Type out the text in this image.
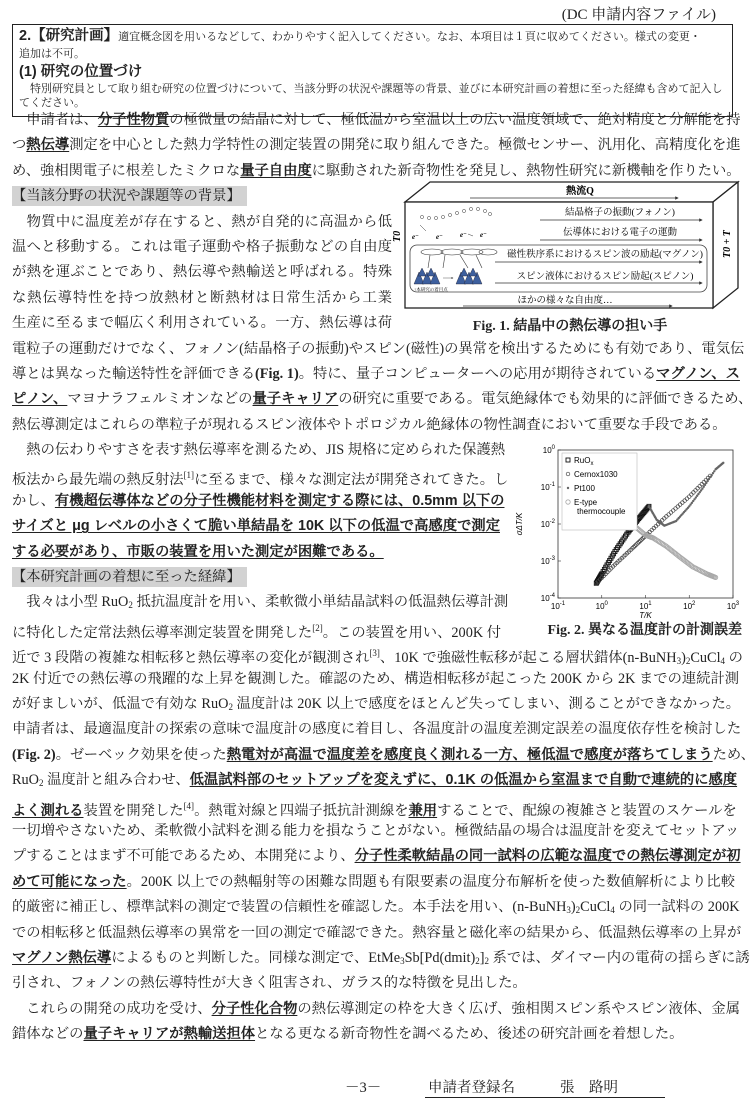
(DC 申請内容ファイル)
2.【研究計画】適宜概念図を用いるなどして、わかりやすく記入してください。なお、本項目は１頁に収めてください。様式の変更・
追加は不可。
(1) 研究の位置づけ
特別研究員として取り組む研究の位置づけについて、当該分野の状況や課題等の背景、並びに本研究計画の着想に至った経緯も含めて記入してください。
　申請者は、分子性物質の極微量の結晶に対して、極低温から室温以上の広い温度領域で、絶対精度と分解能を持
つ熱伝導測定を中心とした熱力学特性の測定装置の開発に取り組んできた。極微センサー、汎用化、高精度化を進
め、強相関電子に根差したミクロな量子自由度に駆動された新奇物性を発見し、熱物性研究に新機軸を作りたい。
【当該分野の状況や課題等の背景】
　物質中に温度差が存在すると、熱が自発的に高温から低
温へと移動する。これは電子運動や格子振動などの自由度
が熱を運ぶことであり、熱伝導や熱輸送と呼ばれる。特殊
な熱伝導特性を持つ放熱材と断熱材は日常生活から工業
生産に至るまで幅広く利用されている。一方、熱伝導は荷
電粒子の運動だけでなく、フォノン(結晶格子の振動)やスピン(磁性)の異常を検出するためにも有効であり、電気伝
導とは異なった輸送特性を評価できる(Fig. 1)。特に、量子コンピューターへの応用が期待されているマグノン、ス
ピノン、マヨナラフェルミオンなどの量子キャリアの研究に重要である。電気絶縁体でも効果的に評価できるため、
熱伝導測定はこれらの準粒子が現れるスピン液体やトポロジカル絶縁体の物性調査において重要な手段である。
　熱の伝わりやすさを表す熱伝導率を測るため、JIS 規格に定められた保護熱
板法から最先端の熱反射法[1]に至るまで、様々な測定法が開発されてきた。し
かし、有機超伝導体などの分子性機能材料を測定する際には、0.5mm 以下の
サイズと μg レベルの小さくて脆い単結晶を 10K 以下の低温で高感度で測定
する必要があり、市販の装置を用いた測定が困難である。
【本研究計画の着想に至った経緯】
　我々は小型 RuO2 抵抗温度計を用い、柔軟微小単結晶試料の低温熱伝導計測
に特化した定常法熱伝導率測定装置を開発した[2]。この装置を用い、200K 付
近で 3 段階の複雑な相転移と熱伝導率の変化が観測され[3]、10K で強磁性転移が起こる層状錯体(n-BuNH3)2CuCl4 の
2K 付近での熱伝導の飛躍的な上昇を観測した。確認のため、構造相転移が起こった 200K から 2K までの連続計測
が好ましいが、低温で有効な RuO2 温度計は 20K 以上で感度をほとんど失ってしまい、測ることができなかった。
申請者は、最適温度計の探索の意味で温度計の感度に着目し、各温度計の温度差測定誤差の温度依存性を検討した
(Fig. 2)。ゼーベック効果を使った熱電対が高温で温度差を感度良く測れる一方、極低温で感度が落ちてしまうため、
RuO2 温度計と組み合わせ、低温試料部のセットアップを変えずに、0.1K の低温から室温まで自動で連続的に感度
よく測れる装置を開発した[4]。熱電対線と四端子抵抗計測線を兼用することで、配線の複雑さと装置のスケールを
一切増やさないため、柔軟微小試料を測る能力を損なうことがない。極微結晶の場合は温度計を変えてセットアッ
プすることはまず不可能であるため、本開発により、分子性柔軟結晶の同一試料の広範な温度での熱伝導測定が初
めて可能になった。200K 以上での熱輻射等の困難な問題も有限要素の温度分布解析を使った数値解析により比較
的厳密に補正し、標準試料の測定で装置の信頼性を確認した。本手法を用い、(n-BuNH3)2CuCl4 の同一試料の 200K
での相転移と低温熱伝導率の異常を一回の測定で確認できた。熱容量と磁化率の結果から、低温熱伝導率の上昇が
マグノン熱伝導によるものと判断した。同様な測定で、EtMe3Sb[Pd(dmit)2]2 系では、ダイマー内の電荷の揺らぎに誘
引され、フォノンの熱伝導特性が大きく阻害され、ガラス的な特徴を見出した。
　これらの開発の成功を受け、分子性化合物の熱伝導測定の枠を大きく広げ、強相関スピン系やスピン液体、金属
錯体などの量子キャリアが熱輸送担体となる更なる新奇物性を調べるため、後述の研究計画を着想した。
熱流Q
e⁻ e⁻ e⁻ e⁻
↑本研究の着目点
結晶格子の振動(フォノン)
伝導体における電子の運動
磁性秩序系におけるスピン波の励起(マグノン)
スピン液体におけるスピン励起(スピノン)
ほかの様々な自由度…
T0	T0 + T
Fig. 1. 結晶中の熱伝導の担い手
$10^{-1}$	$10^0$	$10^1$	$10^2$	$10^3$
$10^{-4}$
$10^{-3}$
$10^{-2}$
$10^{-1}$
$10^0$
T/K
σΔT/K
RuO$_x$
Cernox1030
Pt100
E-type
thermocouple
Fig. 2. 異なる温度計の計測誤差
－3－	申請者登録名	張　路明
